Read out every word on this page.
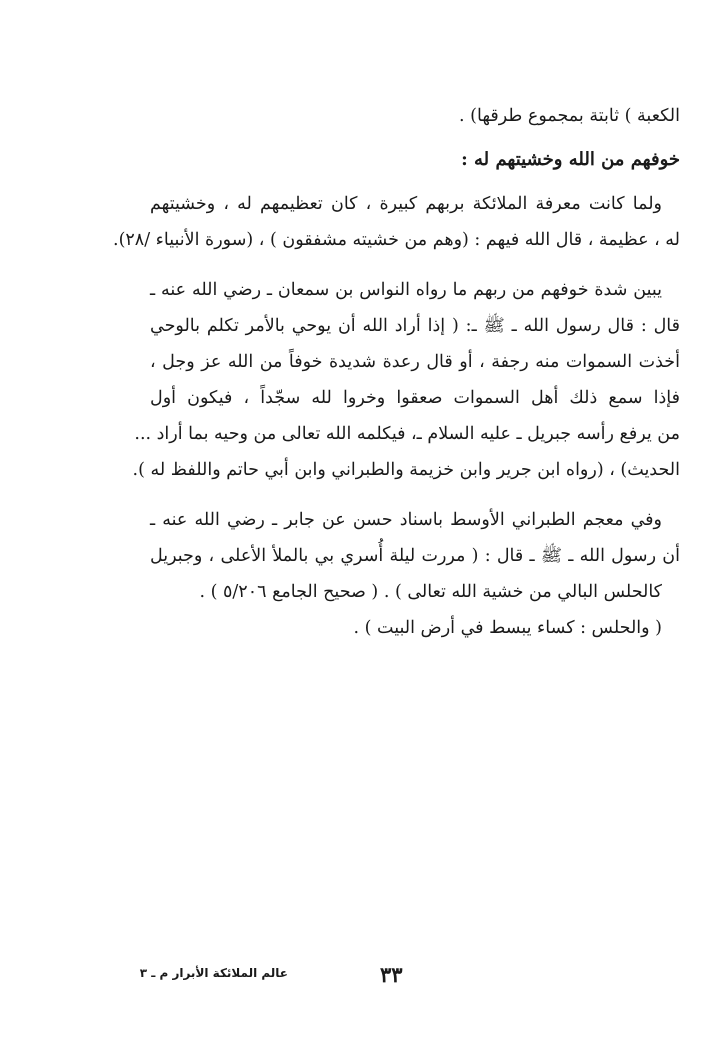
الكعبة ) ثابتة بمجموع طرقها) .
خوفهم من الله وخشيتهم له :
ولما كانت معرفة الملائكة بربهم كبيرة ، كان تعظيمهم له ، وخشيتهم
له ، عظيمة ، قال الله فيهم : (وهم من خشيته مشفقون ) ، (سورة الأنبياء /٢٨).
يبين شدة خوفهم من ربهم ما رواه النواس بن سمعان ـ رضي الله عنه ـ
قال : قال رسول الله ـ ﷺ ـ: ( إذا أراد الله أن يوحي بالأمر تكلم بالوحي
أخذت السموات منه رجفة ، أو قال رعدة شديدة خوفاً من الله عز وجل ،
فإذا سمع ذلك أهل السموات صعقوا وخروا لله سجّداً ، فيكون أول
من يرفع رأسه جبريل ـ عليه السلام ـ، فيكلمه الله تعالى من وحيه بما أراد ...
الحديث) ، (رواه ابن جرير وابن خزيمة والطبراني وابن أبي حاتم واللفظ له ).
وفي معجم الطبراني الأوسط باسناد حسن عن جابر ـ رضي الله عنه ـ
أن رسول الله ـ ﷺ ـ قال : ( مررت ليلة أُسري بي بالملأ الأعلى ، وجبريل
كالحلس البالي من خشية الله تعالى ) . ( صحيح الجامع ٥/٢٠٦ ) .
( والحلس : كساء يبسط في أرض البيت ) .
عالم الملائكة الأبرار م ـ ٣	٣٣
